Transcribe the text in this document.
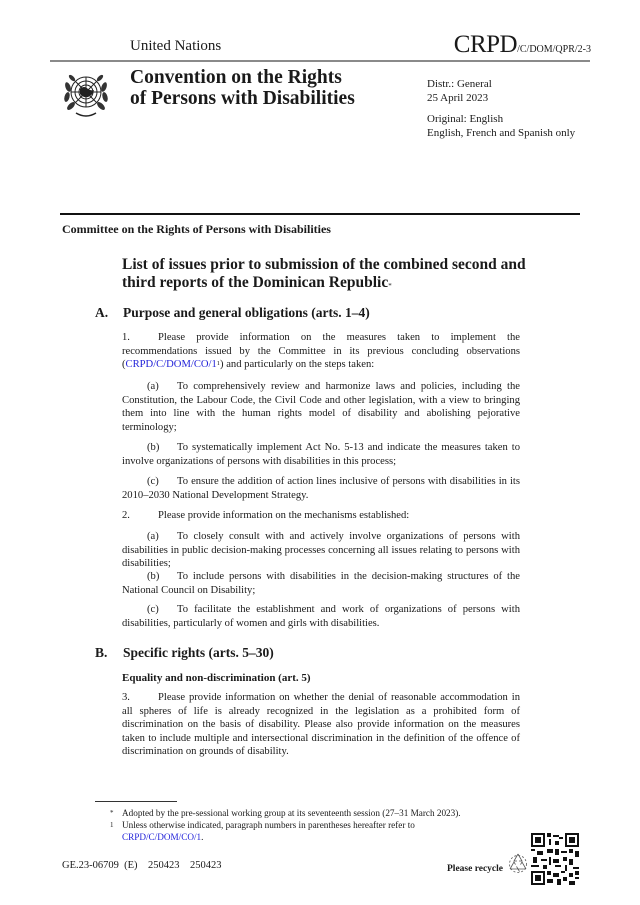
United Nations	CRPD/C/DOM/QPR/2-3
Convention on the Rights
of Persons with Disabilities
Distr.: General
25 April 2023
Original: English
English, French and Spanish only
Committee on the Rights of Persons with Disabilities
List of issues prior to submission of the combined second and
third reports of the Dominican Republic*
A. Purpose and general obligations (arts. 1–4)
1.	Please provide information on the measures taken to implement the recommendations issued by the Committee in its previous concluding observations (CRPD/C/DOM/CO/1$^1$) and particularly on the steps taken:
(a) To comprehensively review and harmonize laws and policies, including the Constitution, the Labour Code, the Civil Code and other legislation, with a view to bringing them into line with the human rights model of disability and abolishing pejorative terminology;
(b) To systematically implement Act No. 5-13 and indicate the measures taken to involve organizations of persons with disabilities in this process;
(c) To ensure the addition of action lines inclusive of persons with disabilities in its 2010–2030 National Development Strategy.
2.	Please provide information on the mechanisms established:
(a) To closely consult with and actively involve organizations of persons with disabilities in public decision-making processes concerning all issues relating to persons with disabilities;
(b) To include persons with disabilities in the decision-making structures of the National Council on Disability;
(c) To facilitate the establishment and work of organizations of persons with disabilities, particularly of women and girls with disabilities.
B. Specific rights (arts. 5–30)
Equality and non-discrimination (art. 5)
3.	Please provide information on whether the denial of reasonable accommodation in all spheres of life is already recognized in the legislation as a prohibited form of discrimination on the basis of disability. Please also provide information on the measures taken to include multiple and intersectional discrimination in the definition of the offence of discrimination on grounds of disability.
* Adopted by the pre-sessional working group at its seventeenth session (27–31 March 2023).
1 Unless otherwise indicated, paragraph numbers in parentheses hereafter refer to
CRPD/C/DOM/CO/1.
GE.23-06709  (E)    250423    250423	Please recycle
